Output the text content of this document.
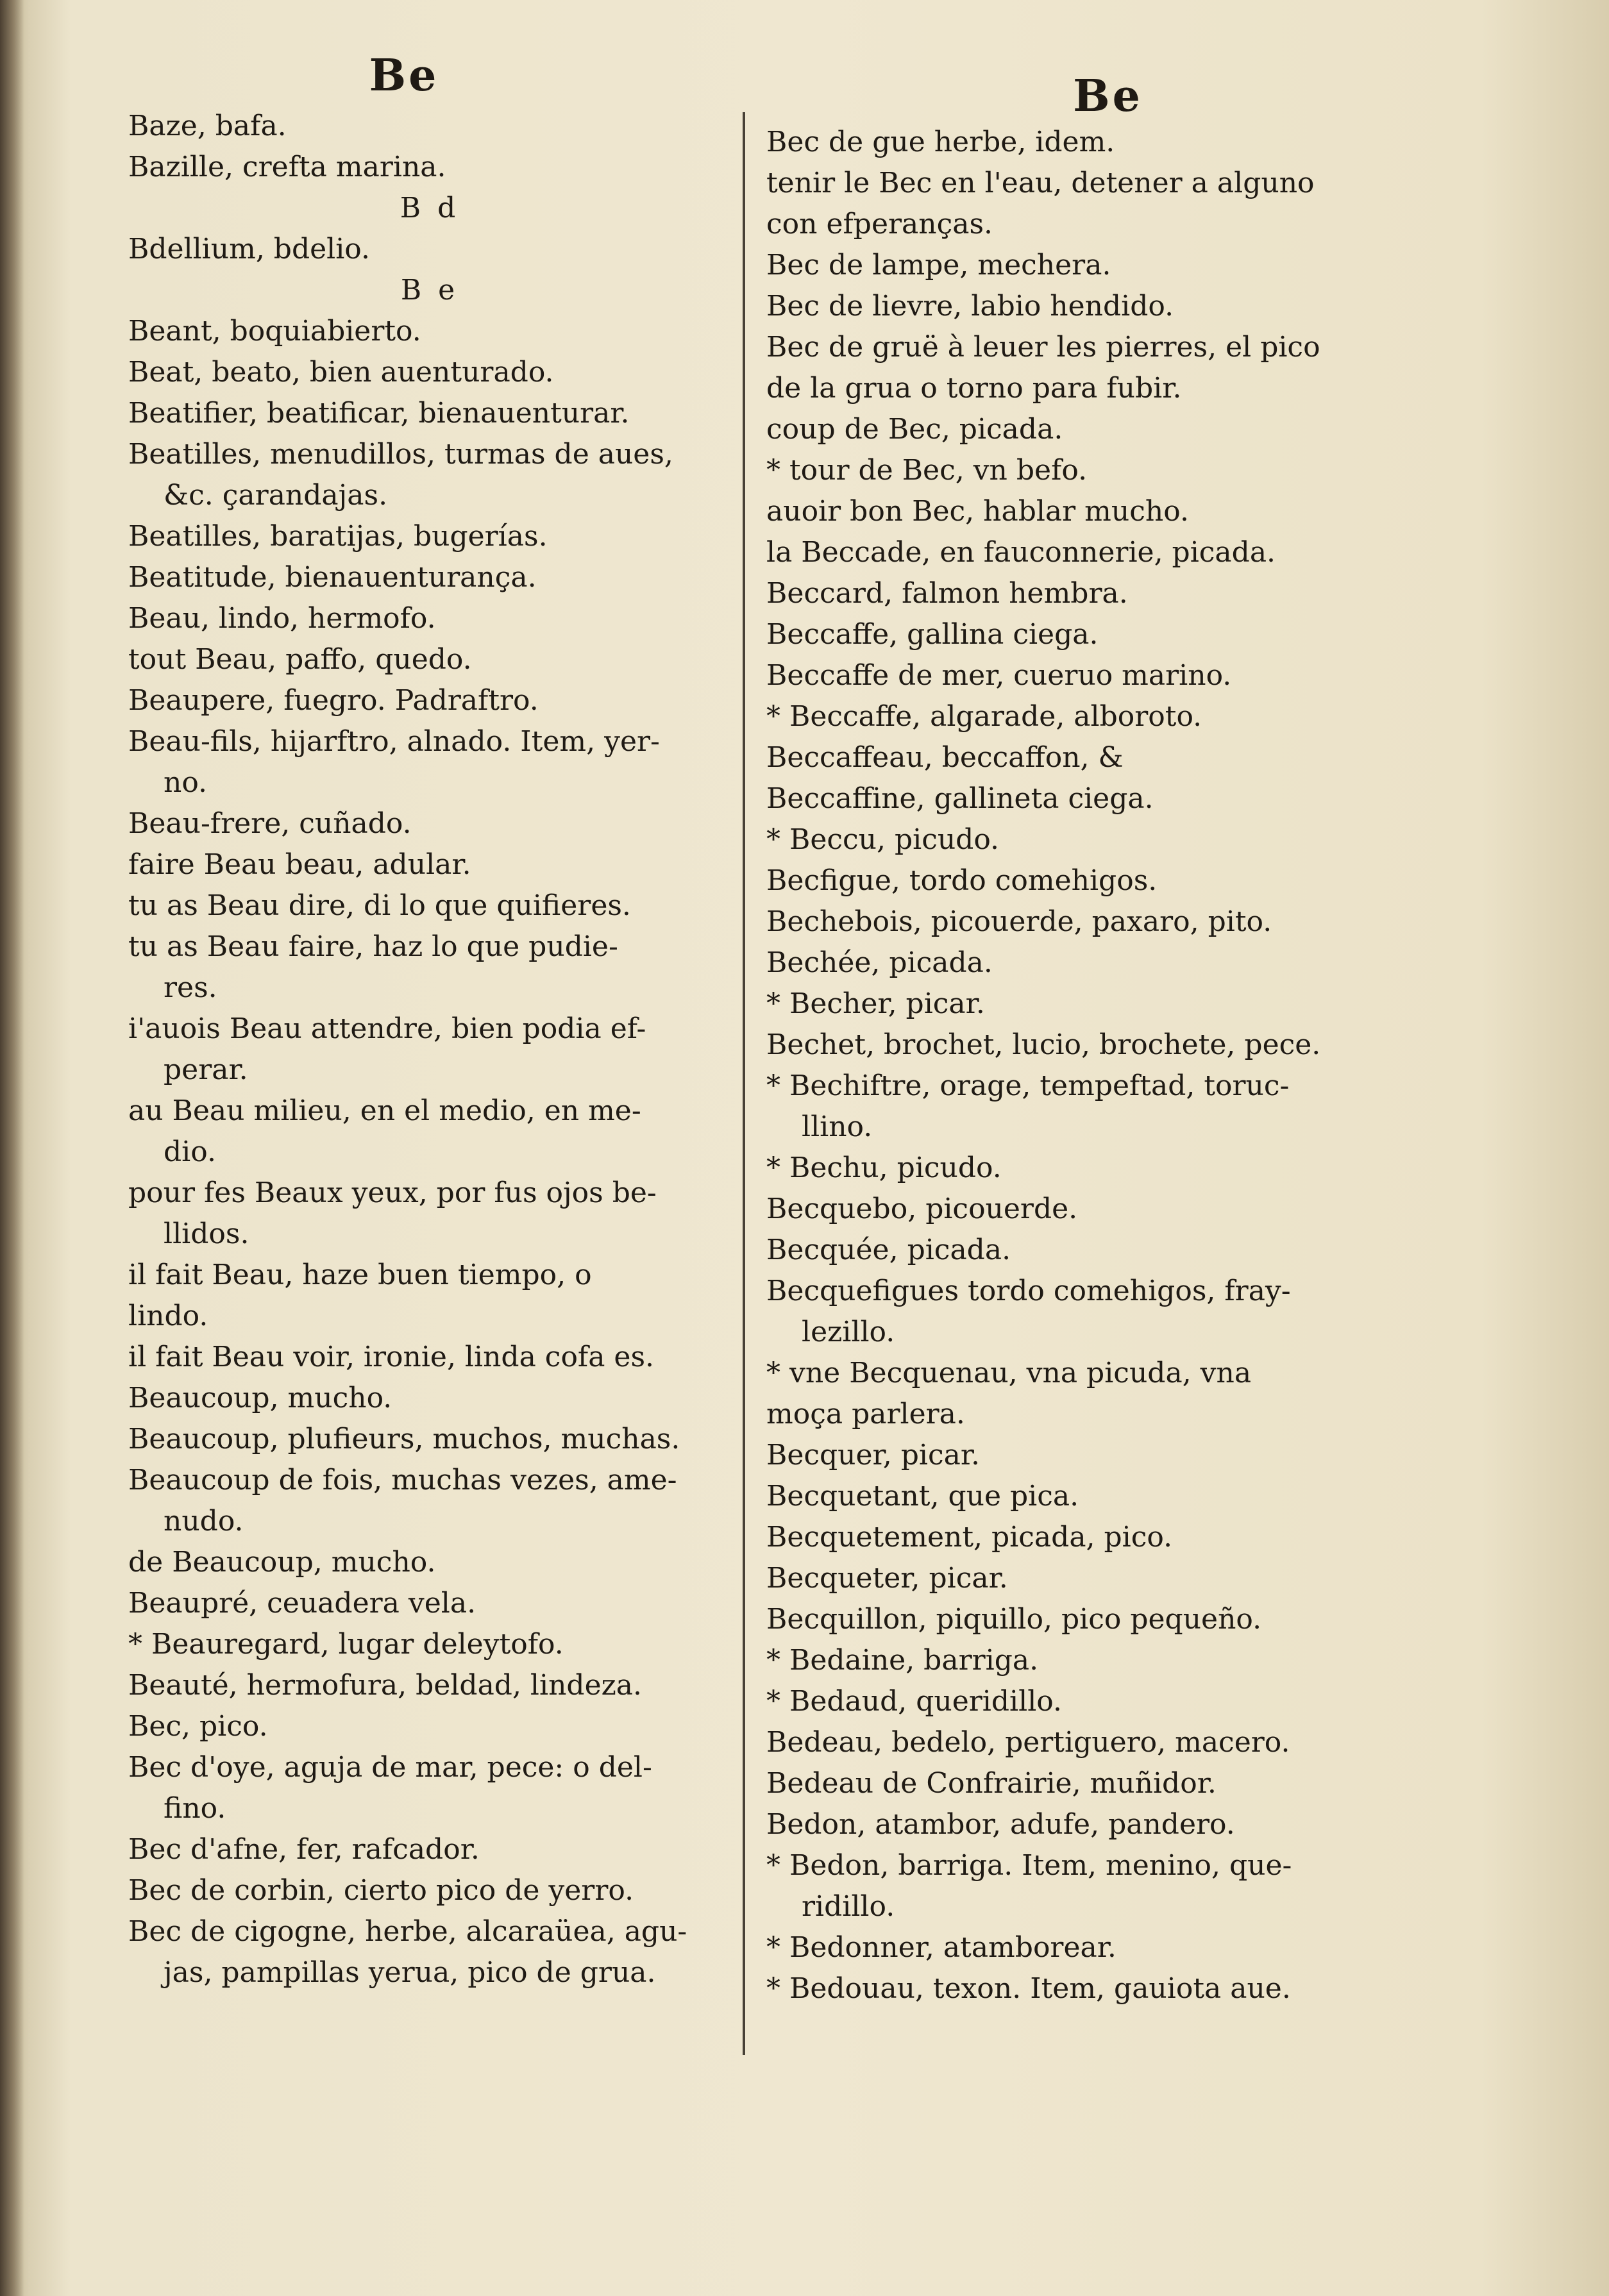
Be
Baze, bafa.
Bazille, crefta marina.
B d
Bdellium, bdelio.
B e
Beant, boquiabierto.
Beat, beato, bien auenturado.
Beatifier, beatificar, bienauenturar.
Beatilles, menudillos, turmas de aues,
&c. çarandajas.
Beatilles, baratijas, bugerías.
Beatitude, bienauenturança.
Beau, lindo, hermofo.
tout Beau, paffo, quedo.
Beaupere, fuegro. Padraftro.
Beau-fils, hijarftro, alnado. Item, yer-
no.
Beau-frere, cuñado.
faire Beau beau, adular.
tu as Beau dire, di lo que quifieres.
tu as Beau faire, haz lo que pudie-
res.
i'auois Beau attendre, bien podia ef-
perar.
au Beau milieu, en el medio, en me-
dio.
pour fes Beaux yeux, por fus ojos be-
llidos.
il fait Beau, haze buen tiempo, o
lindo.
il fait Beau voir, ironie, linda cofa es.
Beaucoup, mucho.
Beaucoup, plufieurs, muchos, muchas.
Beaucoup de fois, muchas vezes, ame-
nudo.
de Beaucoup, mucho.
Beaupré, ceuadera vela.
* Beauregard, lugar deleytofo.
Beauté, hermofura, beldad, lindeza.
Bec, pico.
Bec d'oye, aguja de mar, pece: o del-
fino.
Bec d'afne, fer, rafcador.
Bec de corbin, cierto pico de yerro.
Bec de cigogne, herbe, alcaraüea, agu-
jas, pampillas yerua, pico de grua.
Be
Bec de gue herbe, idem.
tenir le Bec en l'eau, detener a alguno
con efperanças.
Bec de lampe, mechera.
Bec de lievre, labio hendido.
Bec de gruë à leuer les pierres, el pico
de la grua o torno para fubir.
coup de Bec, picada.
* tour de Bec, vn befo.
auoir bon Bec, hablar mucho.
la Beccade, en fauconnerie, picada.
Beccard, falmon hembra.
Beccaffe, gallina ciega.
Beccaffe de mer, cueruo marino.
* Beccaffe, algarade, alboroto.
Beccaffeau, beccaffon, &
Beccaffine, gallineta ciega.
* Beccu, picudo.
Becfigue, tordo comehigos.
Bechebois, picouerde, paxaro, pito.
Bechée, picada.
* Becher, picar.
Bechet, brochet, lucio, brochete, pece.
* Bechiftre, orage, tempeftad, toruc-
llino.
* Bechu, picudo.
Becquebo, picouerde.
Becquée, picada.
Becquefigues tordo comehigos, fray-
lezillo.
* vne Becquenau, vna picuda, vna
moça parlera.
Becquer, picar.
Becquetant, que pica.
Becquetement, picada, pico.
Becqueter, picar.
Becquillon, piquillo, pico pequeño.
* Bedaine, barriga.
* Bedaud, queridillo.
Bedeau, bedelo, pertiguero, macero.
Bedeau de Confrairie, muñidor.
Bedon, atambor, adufe, pandero.
* Bedon, barriga. Item, menino, que-
ridillo.
* Bedonner, atamborear.
* Bedouau, texon. Item, gauiota aue.
